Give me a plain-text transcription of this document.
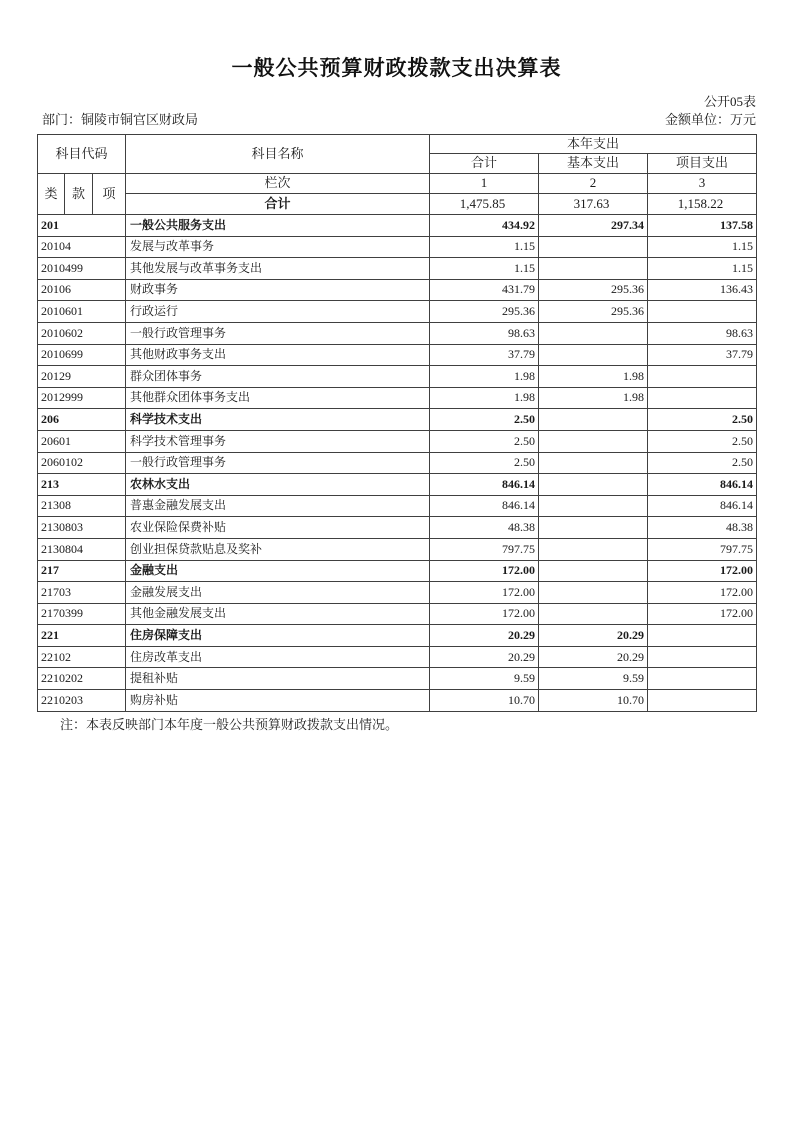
一般公共预算财政拨款支出决算表
公开05表
部门：铜陵市铜官区财政局	金额单位：万元
科目代码			科目名称	本年支出		
				合计	基本支出	项目支出
类	款	项	栏次	1	2	3
			合计	1,475.85	317.63	1,158.22
201			一般公共服务支出	434.92	297.34	137.58
20104			发展与改革事务	1.15		1.15
2010499			其他发展与改革事务支出	1.15		1.15
20106			财政事务	431.79	295.36	136.43
2010601			行政运行	295.36	295.36	
2010602			一般行政管理事务	98.63		98.63
2010699			其他财政事务支出	37.79		37.79
20129			群众团体事务	1.98	1.98	
2012999			其他群众团体事务支出	1.98	1.98	
206			科学技术支出	2.50		2.50
20601			科学技术管理事务	2.50		2.50
2060102			一般行政管理事务	2.50		2.50
213			农林水支出	846.14		846.14
21308			普惠金融发展支出	846.14		846.14
2130803			农业保险保费补贴	48.38		48.38
2130804			创业担保贷款贴息及奖补	797.75		797.75
217			金融支出	172.00		172.00
21703			金融发展支出	172.00		172.00
2170399			其他金融发展支出	172.00		172.00
221			住房保障支出	20.29	20.29	
22102			住房改革支出	20.29	20.29	
2210202			提租补贴	9.59	9.59	
2210203			购房补贴	10.70	10.70	
注：本表反映部门本年度一般公共预算财政拨款支出情况。
